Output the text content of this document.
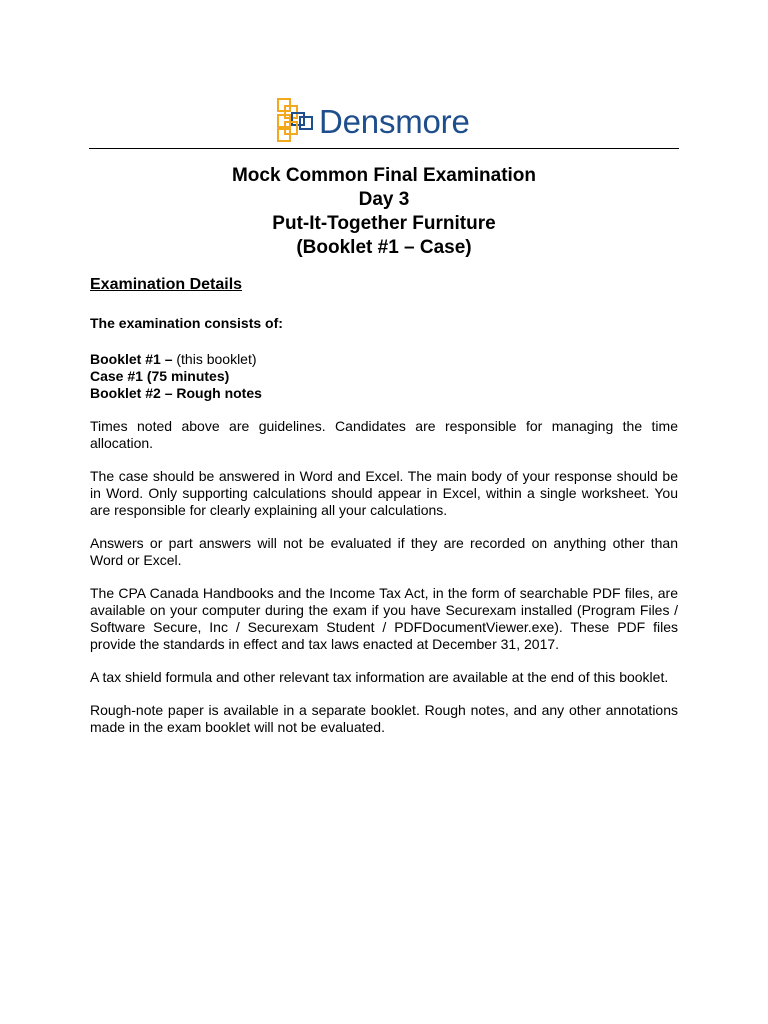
Densmore
Mock Common Final Examination
Day 3
Put-It-Together Furniture
(Booklet #1 – Case)
Examination Details
The examination consists of:
Booklet #1 – (this booklet)
Case #1 (75 minutes)
Booklet #2 – Rough notes

Times noted above are guidelines. Candidates are responsible for managing the time allocation.

The case should be answered in Word and Excel. The main body of your response should be in Word. Only supporting calculations should appear in Excel, within a single worksheet. You are responsible for clearly explaining all your calculations.

Answers or part answers will not be evaluated if they are recorded on anything other than Word or Excel.

The CPA Canada Handbooks and the Income Tax Act, in the form of searchable PDF files, are available on your computer during the exam if you have Securexam installed (Program Files / Software Secure, Inc / Securexam Student / PDFDocumentViewer.exe). These PDF files provide the standards in effect and tax laws enacted at December 31, 2017.

A tax shield formula and other relevant tax information are available at the end of this booklet.

Rough-note paper is available in a separate booklet. Rough notes, and any other annotations made in the exam booklet will not be evaluated.
